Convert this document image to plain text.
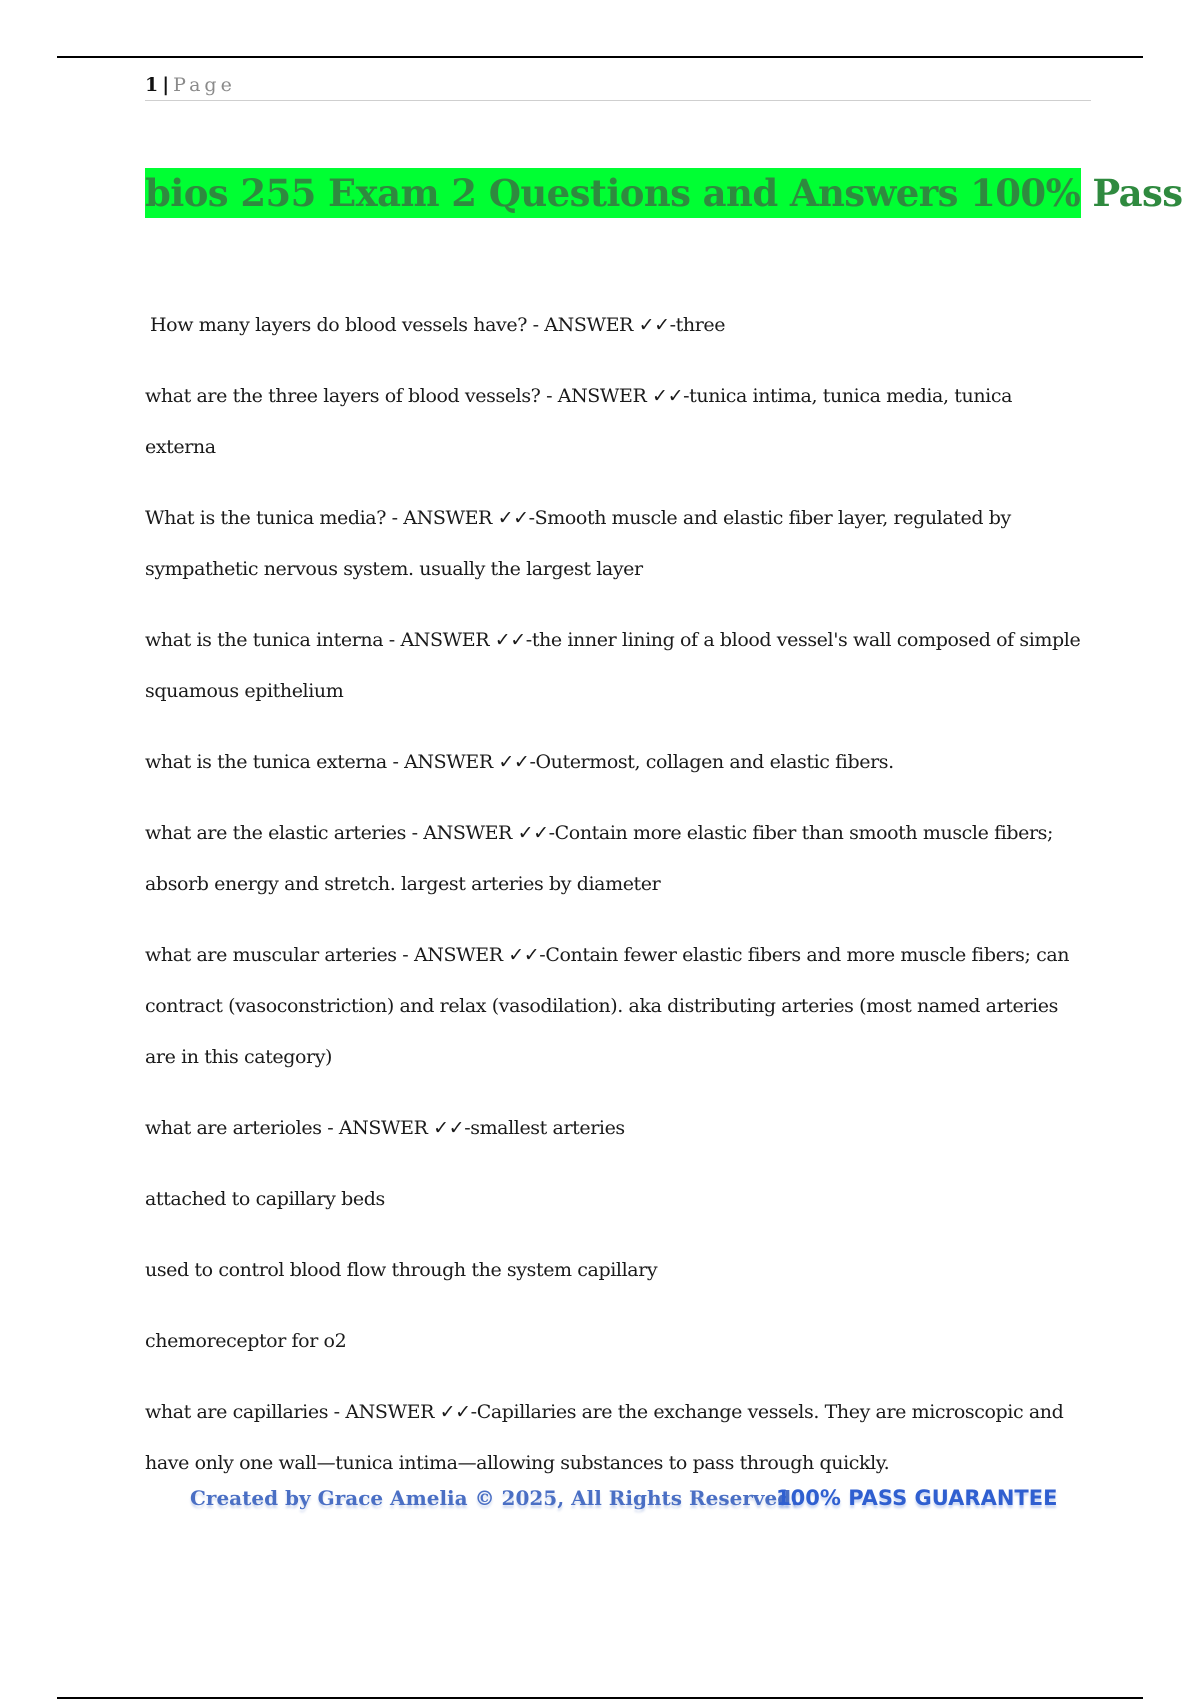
1 | Page
bios 255 Exam 2 Questions and Answers 100% Pass
How many layers do blood vessels have? - ANSWER ✓✓-three
what are the three layers of blood vessels? - ANSWER ✓✓-tunica intima, tunica media, tunica externa
What is the tunica media? - ANSWER ✓✓-Smooth muscle and elastic fiber layer, regulated by sympathetic nervous system. usually the largest layer
what is the tunica interna - ANSWER ✓✓-the inner lining of a blood vessel's wall composed of simple squamous epithelium
what is the tunica externa - ANSWER ✓✓-Outermost, collagen and elastic fibers.
what are the elastic arteries - ANSWER ✓✓-Contain more elastic fiber than smooth muscle fibers; absorb energy and stretch. largest arteries by diameter
what are muscular arteries - ANSWER ✓✓-Contain fewer elastic fibers and more muscle fibers; can contract (vasoconstriction) and relax (vasodilation). aka distributing arteries (most named arteries are in this category)
what are arterioles - ANSWER ✓✓-smallest arteries
attached to capillary beds
used to control blood flow through the system capillary
chemoreceptor for o2
what are capillaries - ANSWER ✓✓-Capillaries are the exchange vessels. They are microscopic and have only one wall—tunica intima—allowing substances to pass through quickly.
Created by Grace Amelia © 2025, All Rights Reserved.
100% PASS GUARANTEE
